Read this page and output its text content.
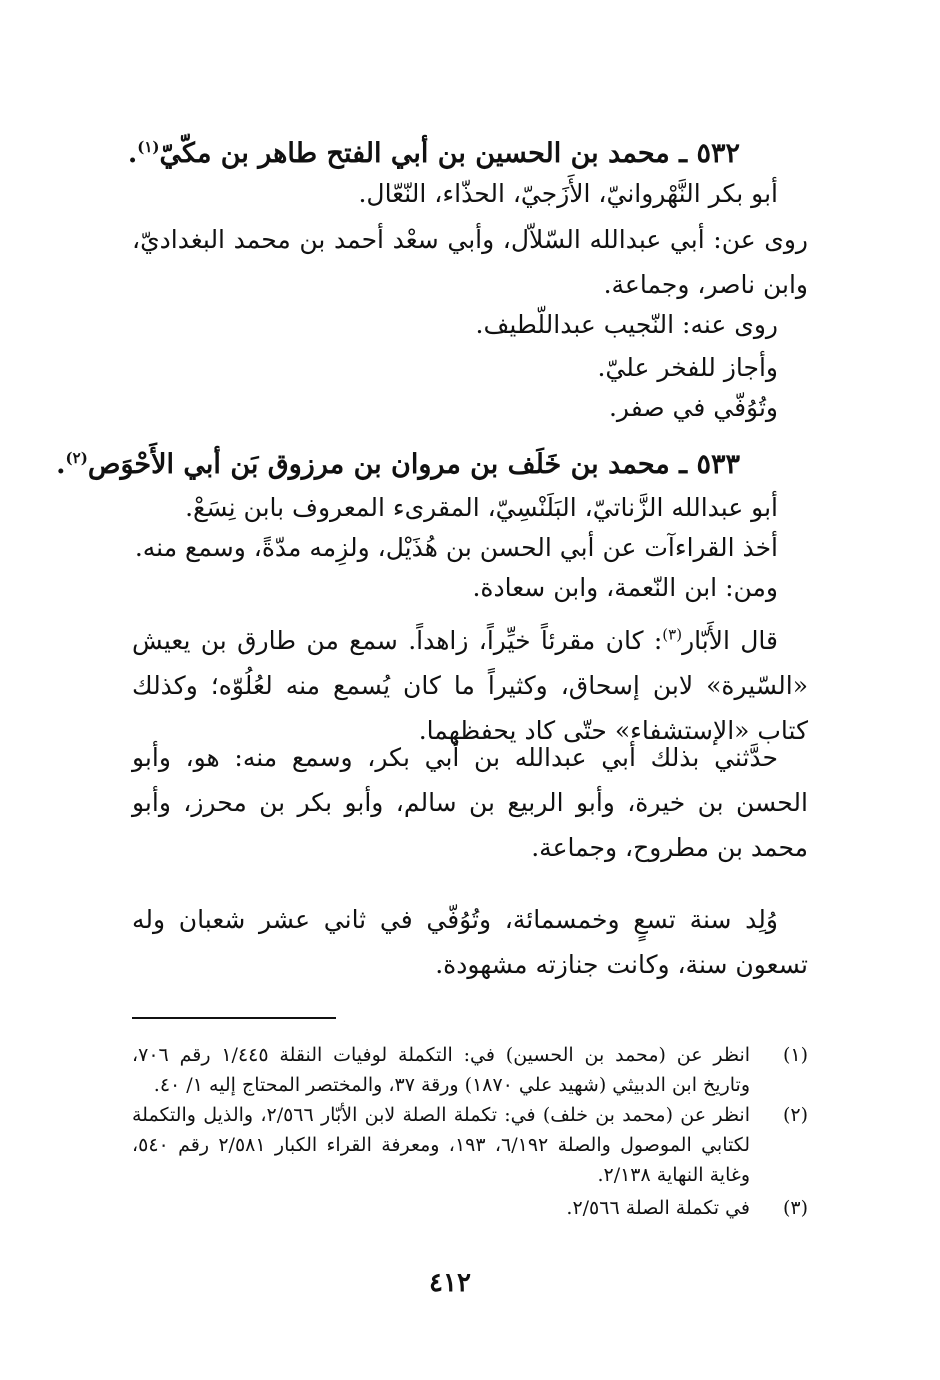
٥٣٢ ـ محمد بن الحسين بن أبي الفتح طاهر بن مكّيّ$^{(١)}$.
أبو بكر النَّهْروانيّ، الأَزَجيّ، الحذّاء، النّعّال.
روى عن: أبي عبدالله السّلاّل، وأبي سعْد أحمد بن محمد البغداديّ، وابن ناصر، وجماعة.
روى عنه: النّجيب عبداللّطيف.
وأجاز للفخر عليّ.
وتُوُفّي في صفر.
٥٣٣ ـ محمد بن خَلَف بن مروان بن مرزوق بَن أبي الأَحْوَص$^{(٢)}$.
أبو عبدالله الزَّناتيّ، البَلَنْسِيّ، المقرىء المعروف بابن نِسَعْ.
أخذ القراءآت عن أبي الحسن بن هُذَيْل، ولزِمه مدّةً، وسمع منه.
ومن: ابن النّعمة، وابن سعادة.
قال الأَبّار$^{(٣)}$: كان مقرئاً خيِّراً، زاهداً. سمع من طارق بن يعيش «السّيرة» لابن إسحاق، وكثيراً ما كان يُسمع منه لعُلُوّه؛ وكذلك كتاب «الإستشفاء» حتّى كاد يحفظهما.
حدَّثني بذلك أبي عبدالله بن أبي بكر، وسمع منه: هو، وأبو الحسن بن خيرة، وأبو الربيع بن سالم، وأبو بكر بن محرز، وأبو محمد بن مطروح، وجماعة.
وُلِد سنة تسعٍ وخمسمائة، وتُوُفّي في ثاني عشر شعبان وله تسعون سنة، وكانت جنازته مشهودة.
(١)
انظر عن (محمد بن الحسين) في: التكملة لوفيات النقلة ١/٤٤٥ رقم ٧٠٦، وتاريخ ابن الدبيثي (شهيد علي ١٨٧٠) ورقة ٣٧، والمختصر المحتاج إليه ١/ ٤٠.
(٢)
انظر عن (محمد بن خلف) في: تكملة الصلة لابن الأبّار ٢/٥٦٦، والذيل والتكملة لكتابي الموصول والصلة ٦/١٩٢، ١٩٣، ومعرفة القراء الكبار ٢/٥٨١ رقم ٥٤٠، وغاية النهاية ٢/١٣٨.
(٣)
في تكملة الصلة ٢/٥٦٦.
٤١٢
